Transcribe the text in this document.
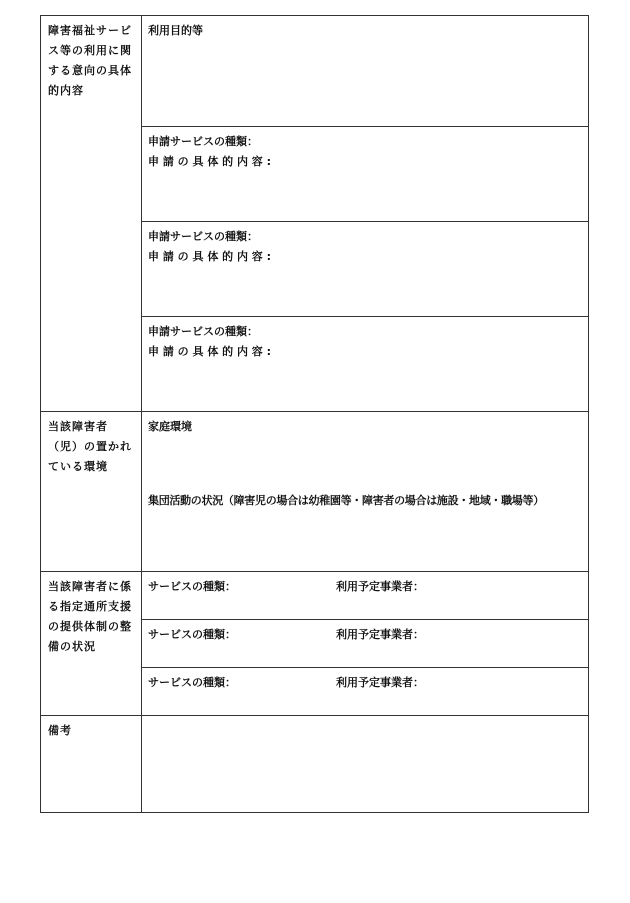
障害福祉サービス等の利用に関する意向の具体的内容	利用目的等

	申請サービスの種類：
申 請 の 具 体 的 内 容 :

	申請サービスの種類：
申 請 の 具 体 的 内 容 :

	申請サービスの種類：
申 請 の 具 体 的 内 容 :

当該障害者（児）の置かれている環境	家庭環境
集団活動の状況（障害児の場合は幼稚園等・障害者の場合は施設・地域・職場等）

当該障害者に係る指定通所支援の提供体制の整備の状況	サービスの種類： 利用予定事業者：

	サービスの種類： 利用予定事業者：

	サービスの種類： 利用予定事業者：

備考	
